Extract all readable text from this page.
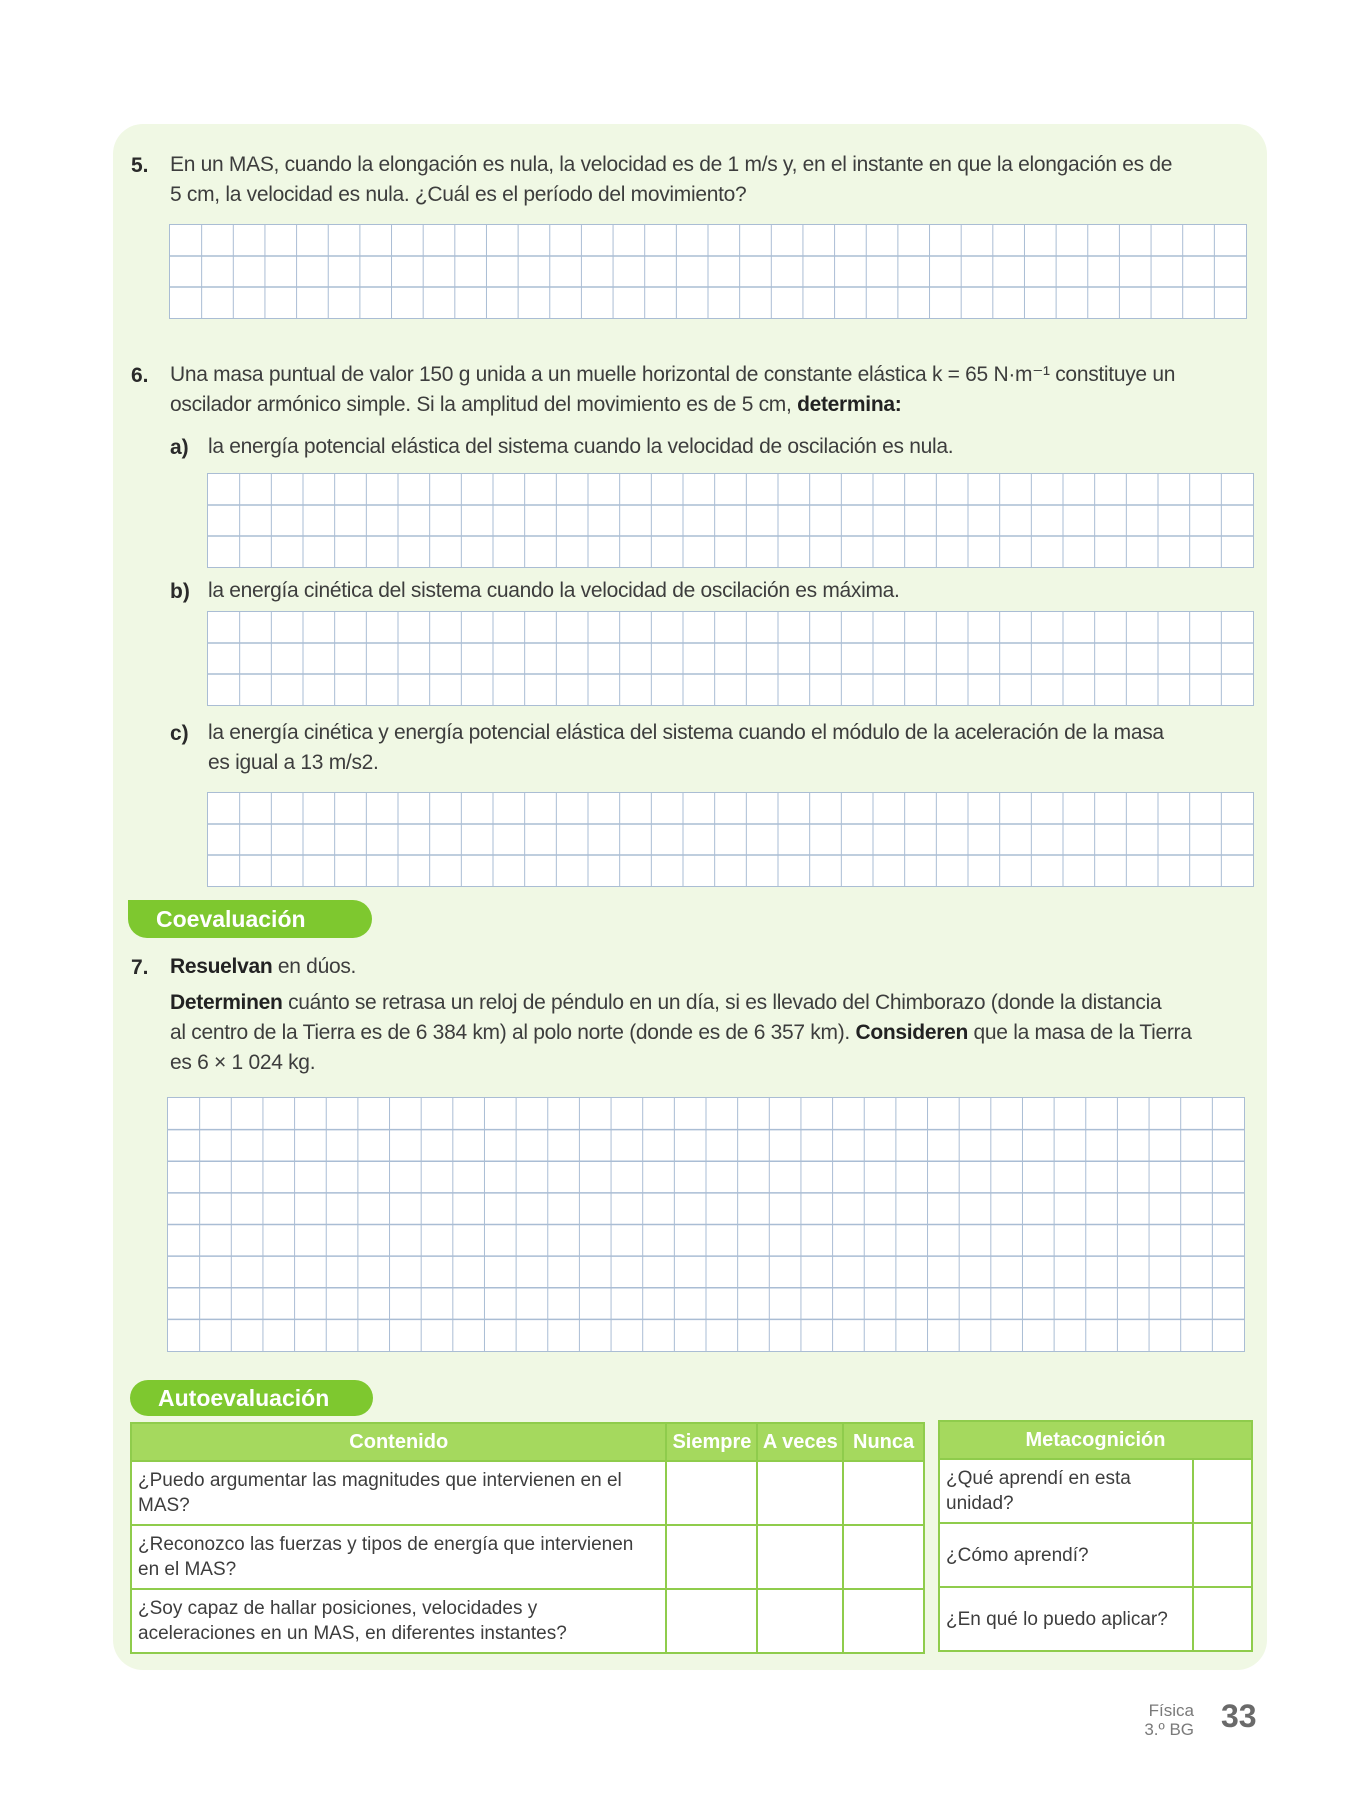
5. En un MAS, cuando la elongación es nula, la velocidad es de 1 m/s y, en el instante en que la elongación es de
5 cm, la velocidad es nula. ¿Cuál es el período del movimiento?
6. Una masa puntual de valor 150 g unida a un muelle horizontal de constante elástica k = 65 N·m⁻¹ constituye un
oscilador armónico simple. Si la amplitud del movimiento es de 5 cm, determina:
a) la energía potencial elástica del sistema cuando la velocidad de oscilación es nula.
b) la energía cinética del sistema cuando la velocidad de oscilación es máxima.
c) la energía cinética y energía potencial elástica del sistema cuando el módulo de la aceleración de la masa
es igual a 13 m/s2.
Coevaluación
7. Resuelvan en dúos.
Determinen cuánto se retrasa un reloj de péndulo en un día, si es llevado del Chimborazo (donde la distancia
al centro de la Tierra es de 6 384 km) al polo norte (donde es de 6 357 km). Consideren que la masa de la Tierra
es 6 × 1 024 kg.
Autoevaluación
Contenido	Siempre	A veces	Nunca
¿Puedo argumentar las magnitudes que intervienen en el MAS?			
¿Reconozco las fuerzas y tipos de energía que intervienen en el MAS?			
¿Soy capaz de hallar posiciones, velocidades y aceleraciones en un MAS, en diferentes instantes?			
Metacognición	
¿Qué aprendí en esta unidad?	
¿Cómo aprendí?	
¿En qué lo puedo aplicar?	
Física
3.º BG 33
